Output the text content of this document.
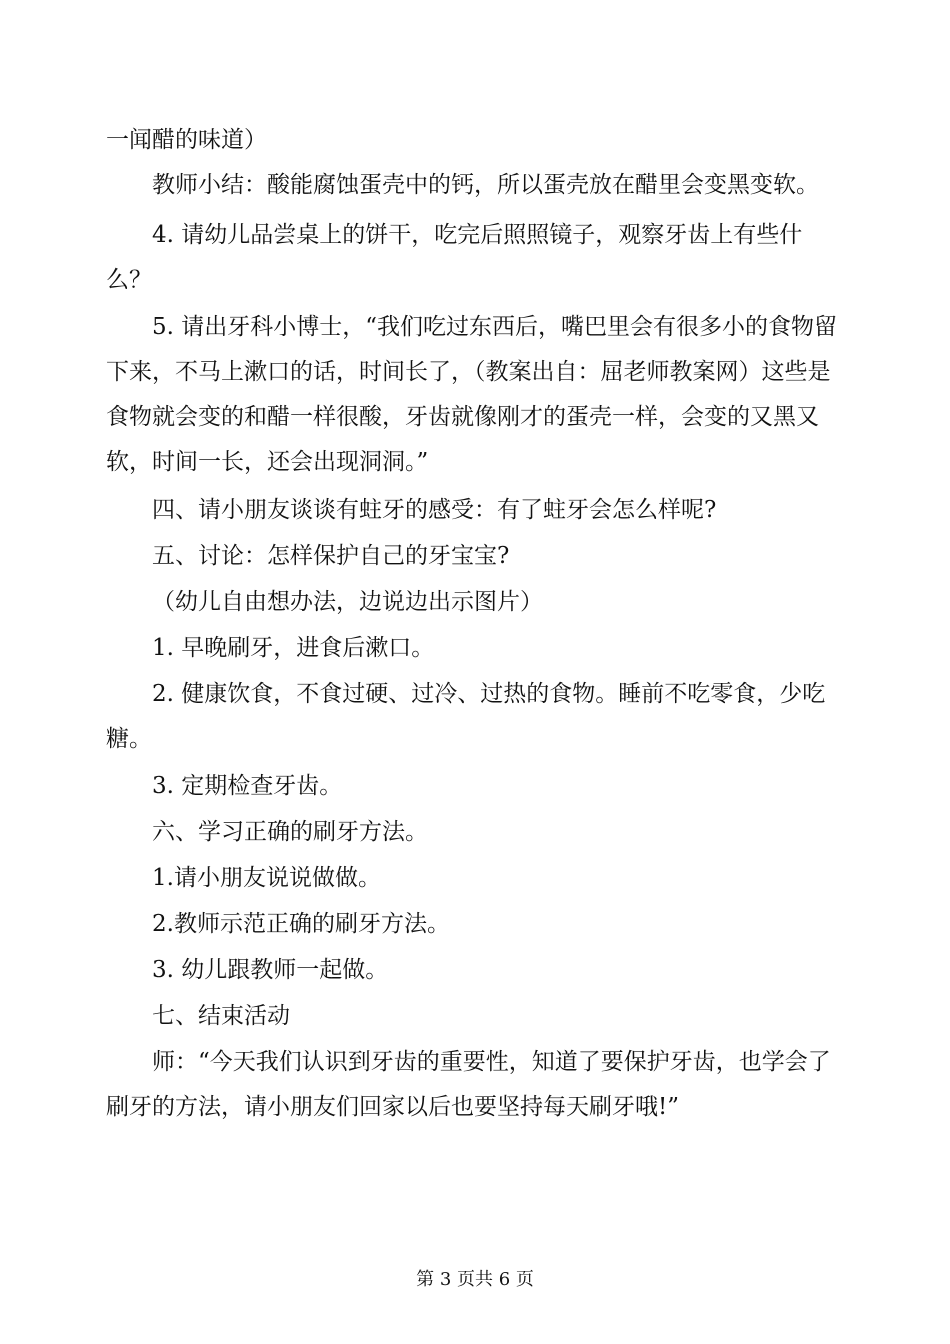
一闻醋的味道）

教师小结：酸能腐蚀蛋壳中的钙，所以蛋壳放在醋里会变黑变软。

4. 请幼儿品尝桌上的饼干，吃完后照照镜子，观察牙齿上有些什么？

5. 请出牙科小博士，“我们吃过东西后，嘴巴里会有很多小的食物留下来，不马上漱口的话，时间长了，（教案出自：屈老师教案网）这些是食物就会变的和醋一样很酸，牙齿就像刚才的蛋壳一样，会变的又黑又软，时间一长，还会出现洞洞。”

四、请小朋友谈谈有蛀牙的感受：有了蛀牙会怎么样呢?

五、讨论：怎样保护自己的牙宝宝?

（幼儿自由想办法，边说边出示图片）

1. 早晚刷牙，进食后漱口。

2. 健康饮食，不食过硬、过冷、过热的食物。睡前不吃零食，少吃糖。

3. 定期检查牙齿。

六、学习正确的刷牙方法。

1.请小朋友说说做做。

2.教师示范正确的刷牙方法。

3. 幼儿跟教师一起做。

七、结束活动

师：“今天我们认识到牙齿的重要性，知道了要保护牙齿，也学会了刷牙的方法，请小朋友们回家以后也要坚持每天刷牙哦!”

第 3 页共 6 页
